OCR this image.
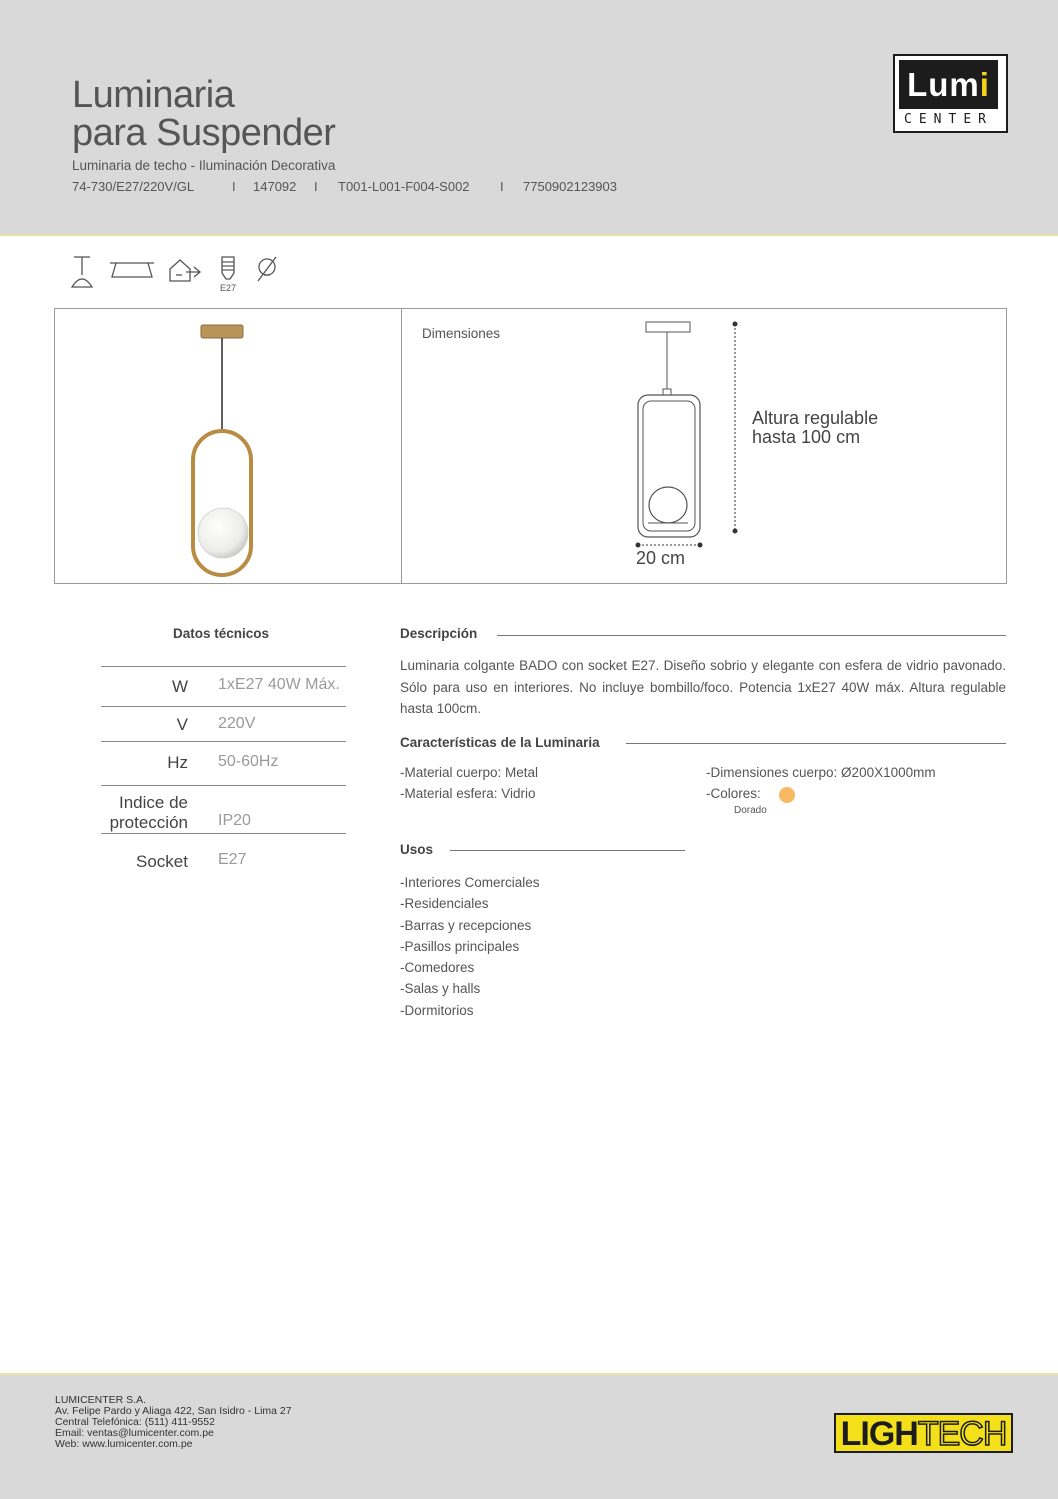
Luminaria
para Suspender
Luminaria de techo - Iluminación Decorativa
74-730/E27/220V/GL	I 147092 I T001-L001-F004-S002 I 7750902123903
Lumi
CENTER
E27
Dimensiones
Altura regulable
hasta 100 cm
20 cm
Datos técnicos
W 1xE27 40W Máx.
V 220V
Hz 50-60Hz
Indice de
protección IP20
Socket E27
Descripción
Luminaria colgante BADO con socket E27. Diseño sobrio y elegante con esfera de vidrio pavonado. Sólo para uso en interiores. No incluye bombillo/foco. Potencia 1xE27 40W máx. Altura regulable hasta 100cm.
Características de la Luminaria
-Material cuerpo: Metal
-Material esfera: Vidrio
-Dimensiones cuerpo: Ø200X1000mm
-Colores:
Dorado
Usos
-Interiores Comerciales
-Residenciales
-Barras y recepciones
-Pasillos principales
-Comedores
-Salas y halls
-Dormitorios
LUMICENTER S.A.
Av. Felipe Pardo y Aliaga 422, San Isidro - Lima 27
Central Telefónica: (511) 411-9552
Email: ventas@lumicenter.com.pe
Web: www.lumicenter.com.pe	LIGHTECH
